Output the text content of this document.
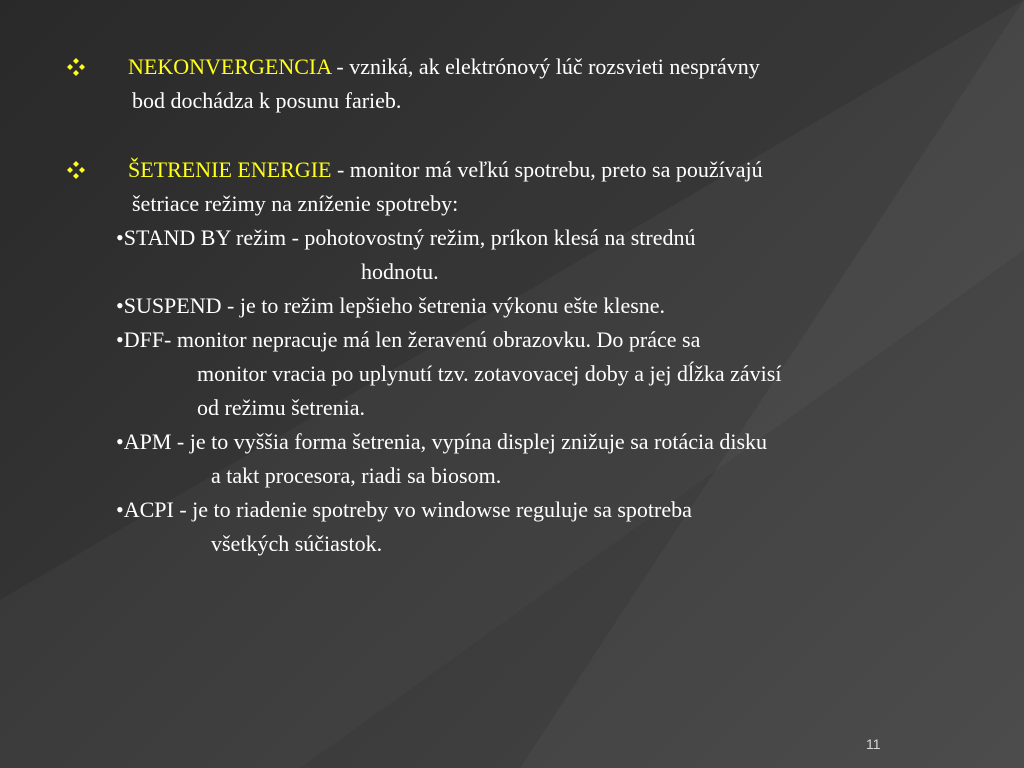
NEKONVERGENCIA - vzniká, ak elektrónový lúč rozsvieti nesprávny
bod dochádza k posunu farieb.
ŠETRENIE ENERGIE - monitor má veľkú spotrebu, preto sa používajú
šetriace režimy na zníženie spotreby:
•STAND BY režim - pohotovostný režim, príkon klesá na strednú
hodnotu.
•SUSPEND - je to režim lepšieho šetrenia výkonu ešte klesne.
•DFF- monitor nepracuje má len žeravenú obrazovku. Do práce sa
monitor vracia po uplynutí tzv. zotavovacej doby a jej dĺžka závisí
od režimu šetrenia.
•APM - je to vyššia forma šetrenia, vypína displej znižuje sa rotácia disku
a takt procesora, riadi sa biosom.
•ACPI - je to riadenie spotreby vo windowse reguluje sa spotreba
všetkých súčiastok.
11
